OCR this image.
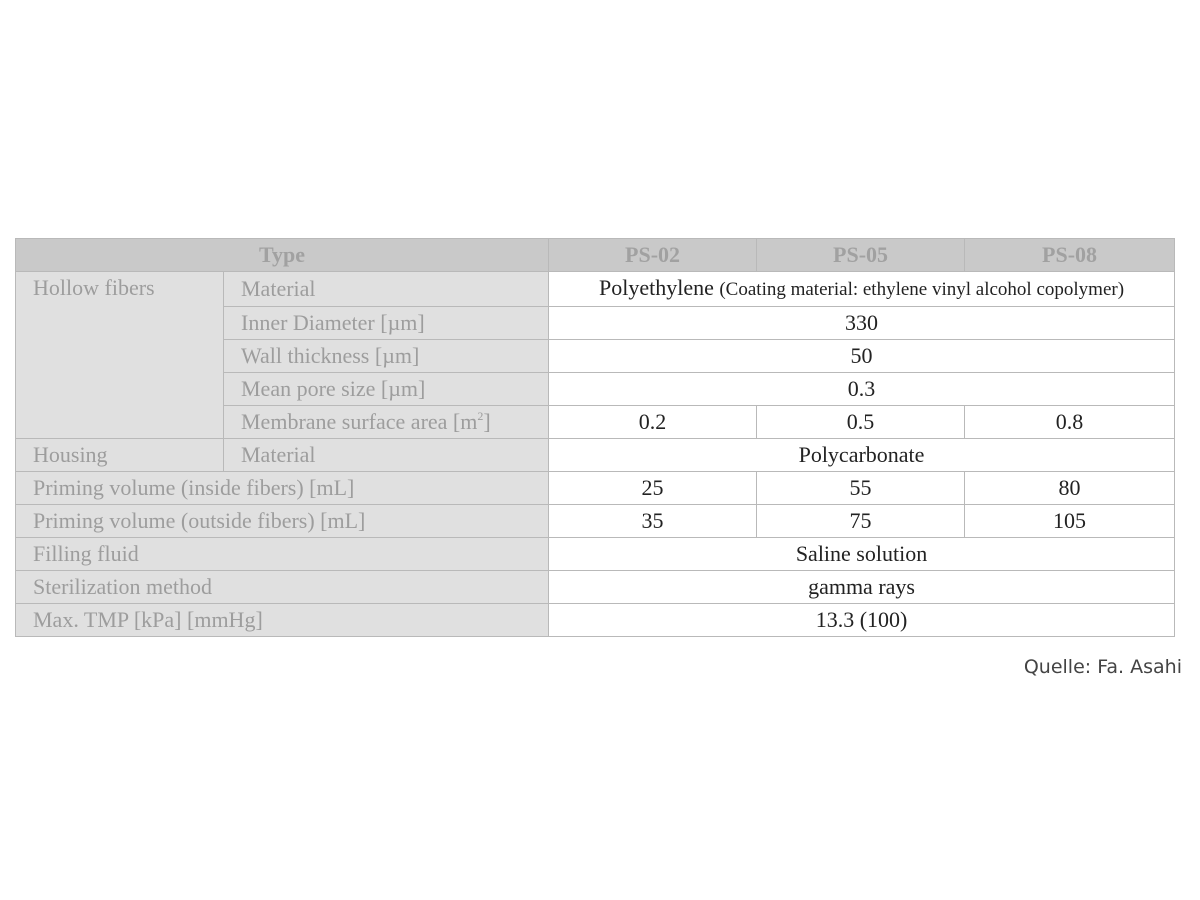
Type		PS-02	PS-05	PS-08
Hollow fibers	Material	Polyethylene (Coating material: ethylene vinyl alcohol copolymer)		
	Inner Diameter [µm]	330		
	Wall thickness [µm]	50		
	Mean pore size [µm]	0.3		
	Membrane surface area $[m^2]$	0.2	0.5	0.8
Housing	Material	Polycarbonate		
Priming volume (inside fibers) [mL]		25	55	80
Priming volume (outside fibers) [mL]		35	75	105
Filling fluid		Saline solution		
Sterilization method		gamma rays		
Max. TMP [kPa] [mmHg]		13.3 (100)		
Quelle: Fa. Asahi
